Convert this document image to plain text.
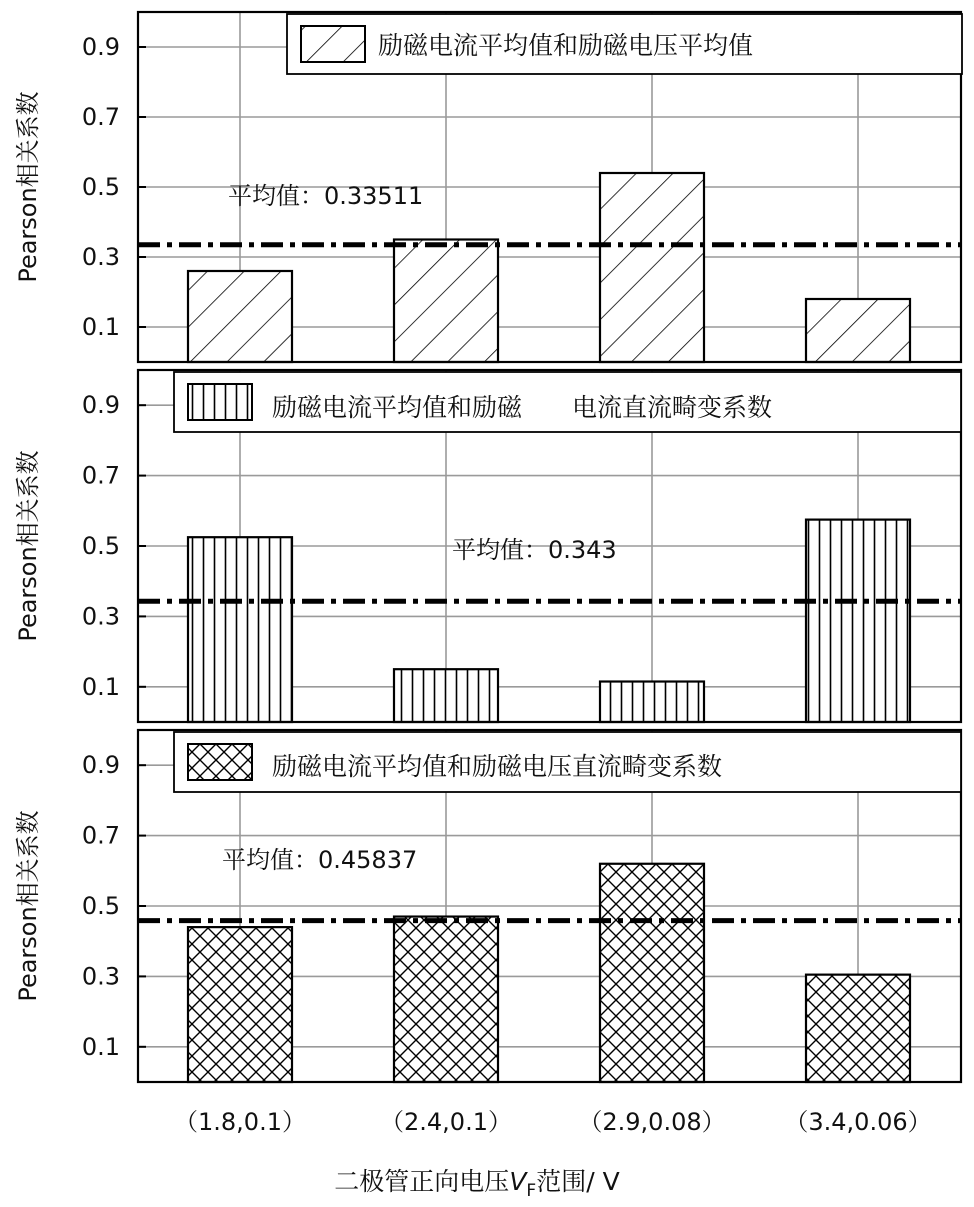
0.1
0.3
0.5
0.7
0.9
Pearson相关系数	平均值：0.33511
励磁电流平均值和励磁电压平均值
0.1
0.3
0.5
0.7
0.9
Pearson相关系数	平均值：0.343
励磁电流平均值和励磁　　电流直流畸变系数
0.1
0.3
0.5
0.7
0.9
Pearson相关系数	平均值：0.45837
励磁电流平均值和励磁电压直流畸变系数
（1.8,0.1）	（2.4,0.1）	（2.9,0.08） （3.4,0.06）
二极管正向电压$V_F$范围/ V
